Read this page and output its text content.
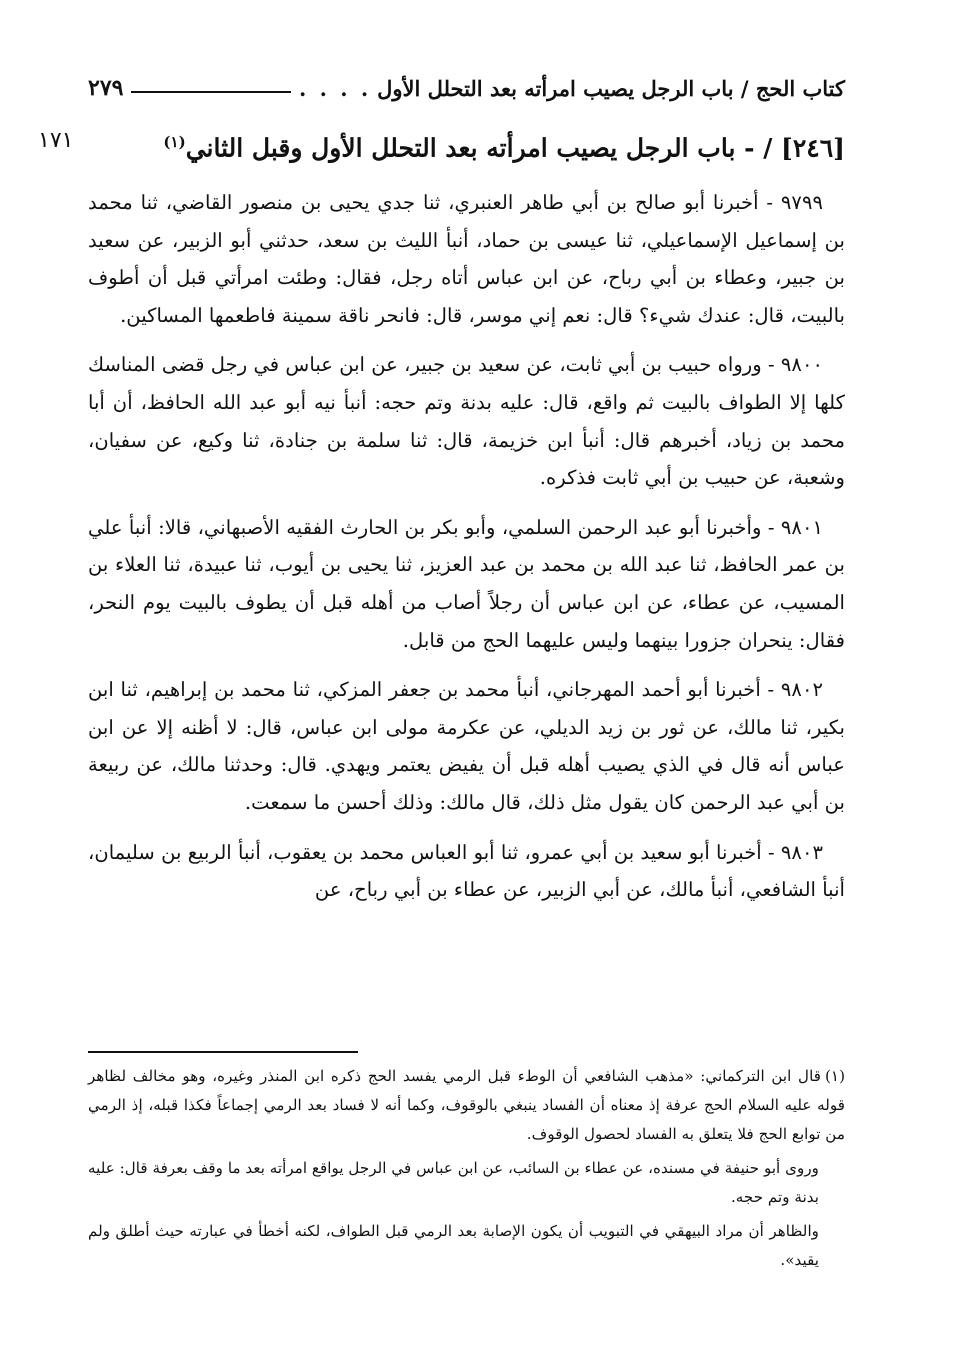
كتاب الحج / باب الرجل يصيب امرأته بعد التحلل الأول
. . . .
٢٧٩
١٧١	[٢٤٦] / - باب الرجل يصيب امرأته بعد التحلل الأول وقبل الثاني$^{(١)}$

٩٧٩٩ - أخبرنا أبو صالح بن أبي طاهر العنبري، ثنا جدي يحيى بن منصور القاضي، ثنا محمد بن إسماعيل الإسماعيلي، ثنا عيسى بن حماد، أنبأ الليث بن سعد، حدثني أبو الزبير، عن سعيد بن جبير، وعطاء بن أبي رباح، عن ابن عباس أتاه رجل، فقال: وطئت امرأتي قبل أن أطوف بالبيت، قال: عندك شيء؟ قال: نعم إني موسر، قال: فانحر ناقة سمينة فاطعمها المساكين.

٩٨٠٠ - ورواه حبيب بن أبي ثابت، عن سعيد بن جبير، عن ابن عباس في رجل قضى المناسك كلها إلا الطواف بالبيت ثم واقع، قال: عليه بدنة وتم حجه: أنبأ نيه أبو عبد الله الحافظ، أن أبا محمد بن زياد، أخبرهم قال: أنبأ ابن خزيمة، قال: ثنا سلمة بن جنادة، ثنا وكيع، عن سفيان، وشعبة، عن حبيب بن أبي ثابت فذكره.

٩٨٠١ - وأخبرنا أبو عبد الرحمن السلمي، وأبو بكر بن الحارث الفقيه الأصبهاني، قالا: أنبأ علي بن عمر الحافظ، ثنا عبد الله بن محمد بن عبد العزيز، ثنا يحيى بن أيوب، ثنا عبيدة، ثنا العلاء بن المسيب، عن عطاء، عن ابن عباس أن رجلاً أصاب من أهله قبل أن يطوف بالبيت يوم النحر، فقال: ينحران جزورا بينهما وليس عليهما الحج من قابل.

٩٨٠٢ - أخبرنا أبو أحمد المهرجاني، أنبأ محمد بن جعفر المزكي، ثنا محمد بن إبراهيم، ثنا ابن بكير، ثنا مالك، عن ثور بن زيد الديلي، عن عكرمة مولى ابن عباس، قال: لا أظنه إلا عن ابن عباس أنه قال في الذي يصيب أهله قبل أن يفيض يعتمر ويهدي. قال: وحدثنا مالك، عن ربيعة بن أبي عبد الرحمن كان يقول مثل ذلك، قال مالك: وذلك أحسن ما سمعت.

٩٨٠٣ - أخبرنا أبو سعيد بن أبي عمرو، ثنا أبو العباس محمد بن يعقوب، أنبأ الربيع بن سليمان، أنبأ الشافعي، أنبأ مالك، عن أبي الزبير، عن عطاء بن أبي رباح، عن

(١)قال ابن التركماني: «مذهب الشافعي أن الوطء قبل الرمي يفسد الحج ذكره ابن المنذر وغيره، وهو مخالف لظاهر قوله عليه السلام الحج عرفة إذ معناه أن الفساد ينبغي بالوقوف، وكما أنه لا فساد بعد الرمي إجماعاً فكذا قبله، إذ الرمي من توابع الحج فلا يتعلق به الفساد لحصول الوقوف.

وروى أبو حنيفة في مسنده، عن عطاء بن السائب، عن ابن عباس في الرجل يواقع امرأته بعد ما وقف بعرفة قال: عليه بدنة وتم حجه.

والظاهر أن مراد البيهقي في التبويب أن يكون الإصابة بعد الرمي قبل الطواف، لكنه أخطأ في عبارته حيث أطلق ولم يقيد».
